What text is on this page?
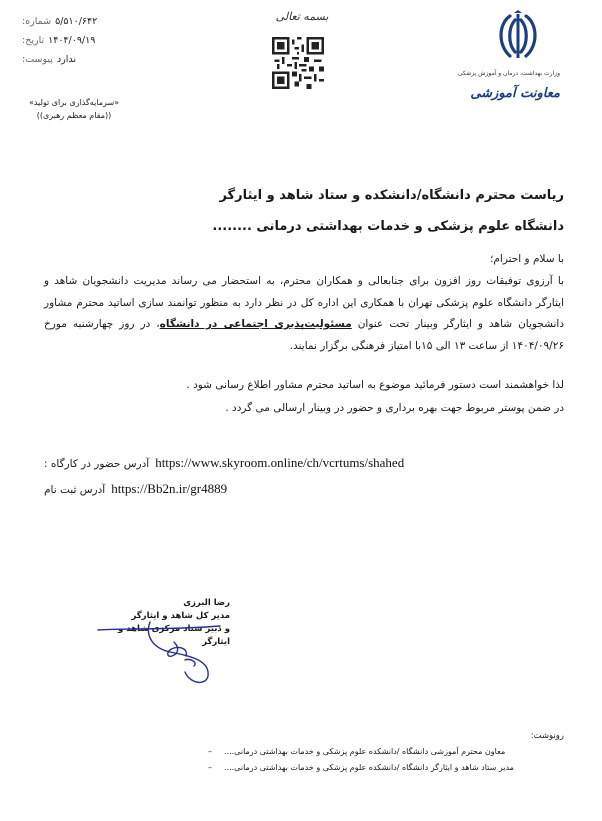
شماره: ۵/۵۱۰/۶۴۲
تاریخ: ۱۴۰۴/۰۹/۱۹
پیوست: ندارد
«سرمایه‌گذاری برای تولید»
((مقام معظم رهبری))
بسمه تعالی
وزارت بهداشت، درمان و آموزش پزشکی
معاونت آموزشی
ریاست محترم دانشگاه/دانشکده و ستاد شاهد و ایثارگر
دانشگاه علوم پزشکی و خدمات بهداشتی درمانی ........
با سلام و احترام؛
با آرزوی توفیقات روز افزون برای جنابعالی و همکاران محترم، به استحضار می رساند مدیریت دانشجویان شاهد و ایثارگر دانشگاه علوم پزشکی تهران با همکاری این اداره کل در نظر دارد به منظور توانمند سازی اساتید محترم مشاور دانشجویان شاهد و ایثارگر وبینار تحت عنوان مسئولیت‌پذیری اجتماعی در دانشگاه، در روز چهارشنبه مورخ ۱۴۰۴/۰۹/۲۶ از ساعت ۱۳ الی ۱۵با امتیاز فرهنگی برگزار نمایند.
لذا خواهشمند است دستور فرمائید موضوع به اساتید محترم مشاور اطلاع رسانی شود .
در ضمن پوستر مربوط جهت بهره برداری و حضور در وبینار ارسالی می گردد .
آدرس حضور در کارگاه : https://www.skyroom.online/ch/vcrtums/shahed
آدرس ثبت نام https://Bb2n.ir/gr4889
رضا البرزی
مدیر کل شاهد و ایثارگر
و دبیر ستاد مرکزی شاهد و ایثارگر
رونوشت:
–	معاون محترم آموزشی دانشگاه /دانشکده علوم پزشکی و خدمات بهداشتی درمانی....
–	مدیر ستاد شاهد و ایثارگر دانشگاه /دانشکده علوم پزشکی و خدمات بهداشتی درمانی....
